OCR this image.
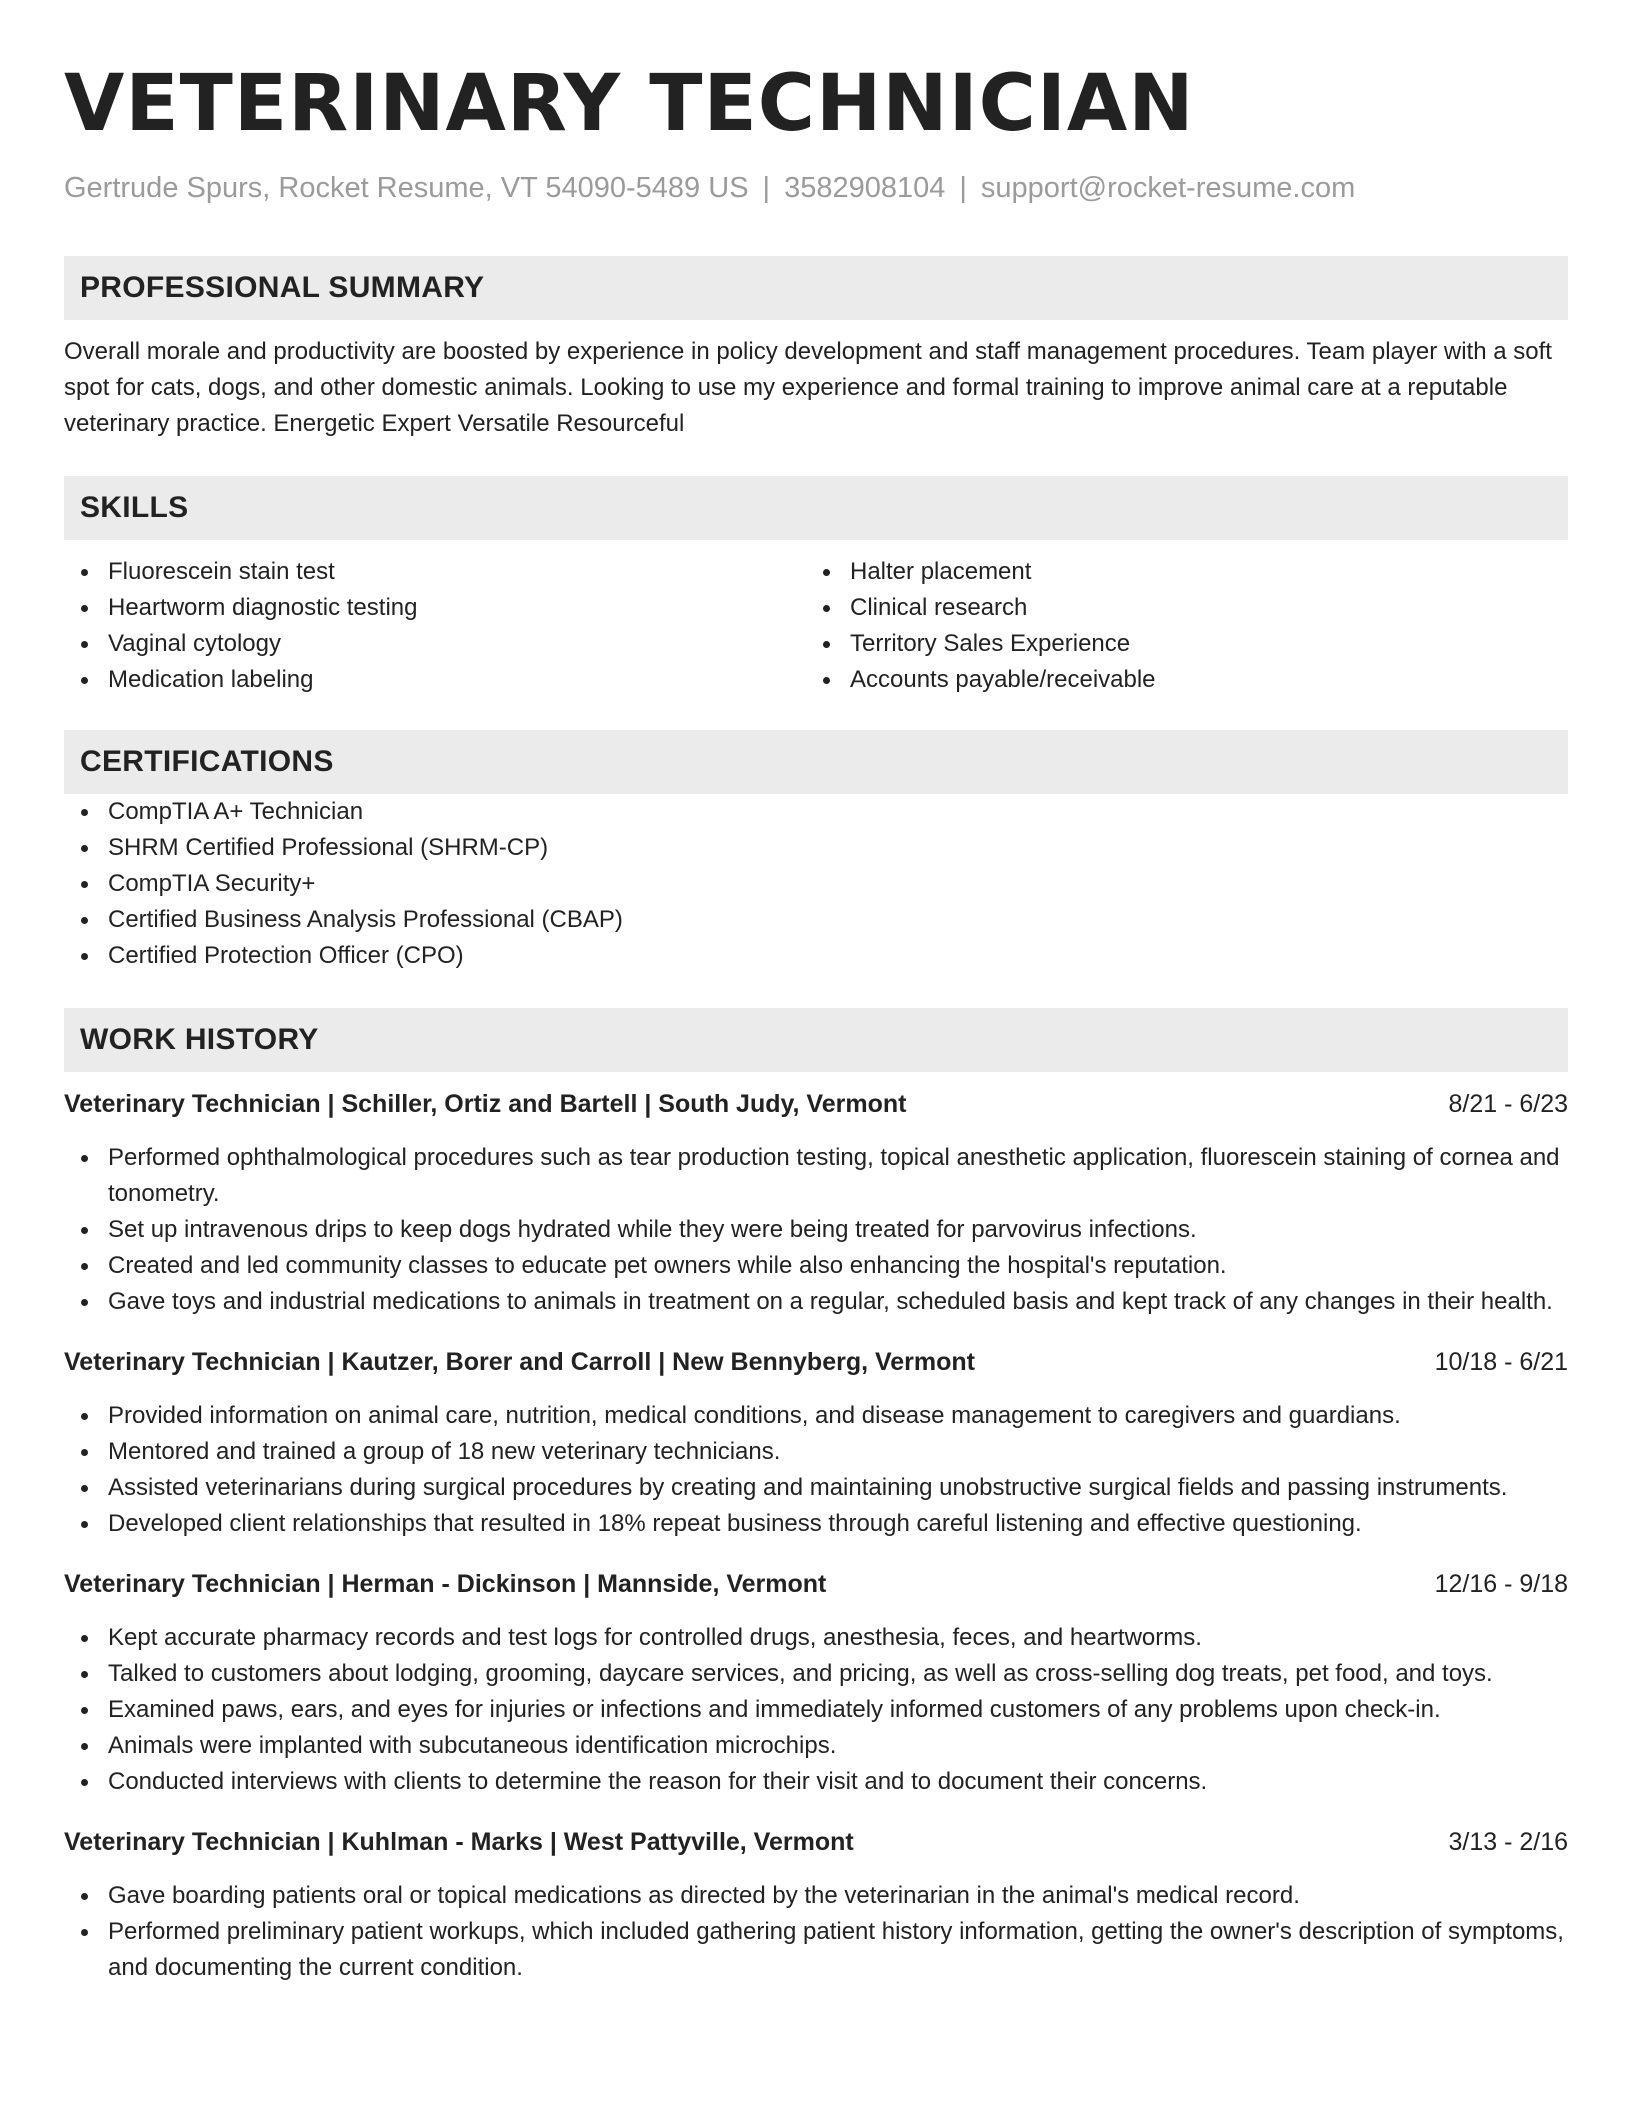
VETERINARY TECHNICIAN
Gertrude Spurs, Rocket Resume, VT 54090-5489 US | 3582908104 | support@rocket-resume.com
PROFESSIONAL SUMMARY
Overall morale and productivity are boosted by experience in policy development and staff management procedures. Team player with a soft spot for cats, dogs, and other domestic animals. Looking to use my experience and formal training to improve animal care at a reputable veterinary practice. Energetic Expert Versatile Resourceful
SKILLS
Fluorescein stain test
Heartworm diagnostic testing
Vaginal cytology
Medication labeling
Halter placement
Clinical research
Territory Sales Experience
Accounts payable/receivable
CERTIFICATIONS
CompTIA A+ Technician
SHRM Certified Professional (SHRM-CP)
CompTIA Security+
Certified Business Analysis Professional (CBAP)
Certified Protection Officer (CPO)
WORK HISTORY
Veterinary Technician | Schiller, Ortiz and Bartell | South Judy, Vermont	8/21 - 6/23
Performed ophthalmological procedures such as tear production testing, topical anesthetic application, fluorescein staining of cornea and tonometry.
Set up intravenous drips to keep dogs hydrated while they were being treated for parvovirus infections.
Created and led community classes to educate pet owners while also enhancing the hospital's reputation.
Gave toys and industrial medications to animals in treatment on a regular, scheduled basis and kept track of any changes in their health.
Veterinary Technician | Kautzer, Borer and Carroll | New Bennyberg, Vermont	10/18 - 6/21
Provided information on animal care, nutrition, medical conditions, and disease management to caregivers and guardians.
Mentored and trained a group of 18 new veterinary technicians.
Assisted veterinarians during surgical procedures by creating and maintaining unobstructive surgical fields and passing instruments.
Developed client relationships that resulted in 18% repeat business through careful listening and effective questioning.
Veterinary Technician | Herman - Dickinson | Mannside, Vermont	12/16 - 9/18
Kept accurate pharmacy records and test logs for controlled drugs, anesthesia, feces, and heartworms.
Talked to customers about lodging, grooming, daycare services, and pricing, as well as cross-selling dog treats, pet food, and toys.
Examined paws, ears, and eyes for injuries or infections and immediately informed customers of any problems upon check-in.
Animals were implanted with subcutaneous identification microchips.
Conducted interviews with clients to determine the reason for their visit and to document their concerns.
Veterinary Technician | Kuhlman - Marks | West Pattyville, Vermont	3/13 - 2/16
Gave boarding patients oral or topical medications as directed by the veterinarian in the animal's medical record.
Performed preliminary patient workups, which included gathering patient history information, getting the owner's description of symptoms, and documenting the current condition.
